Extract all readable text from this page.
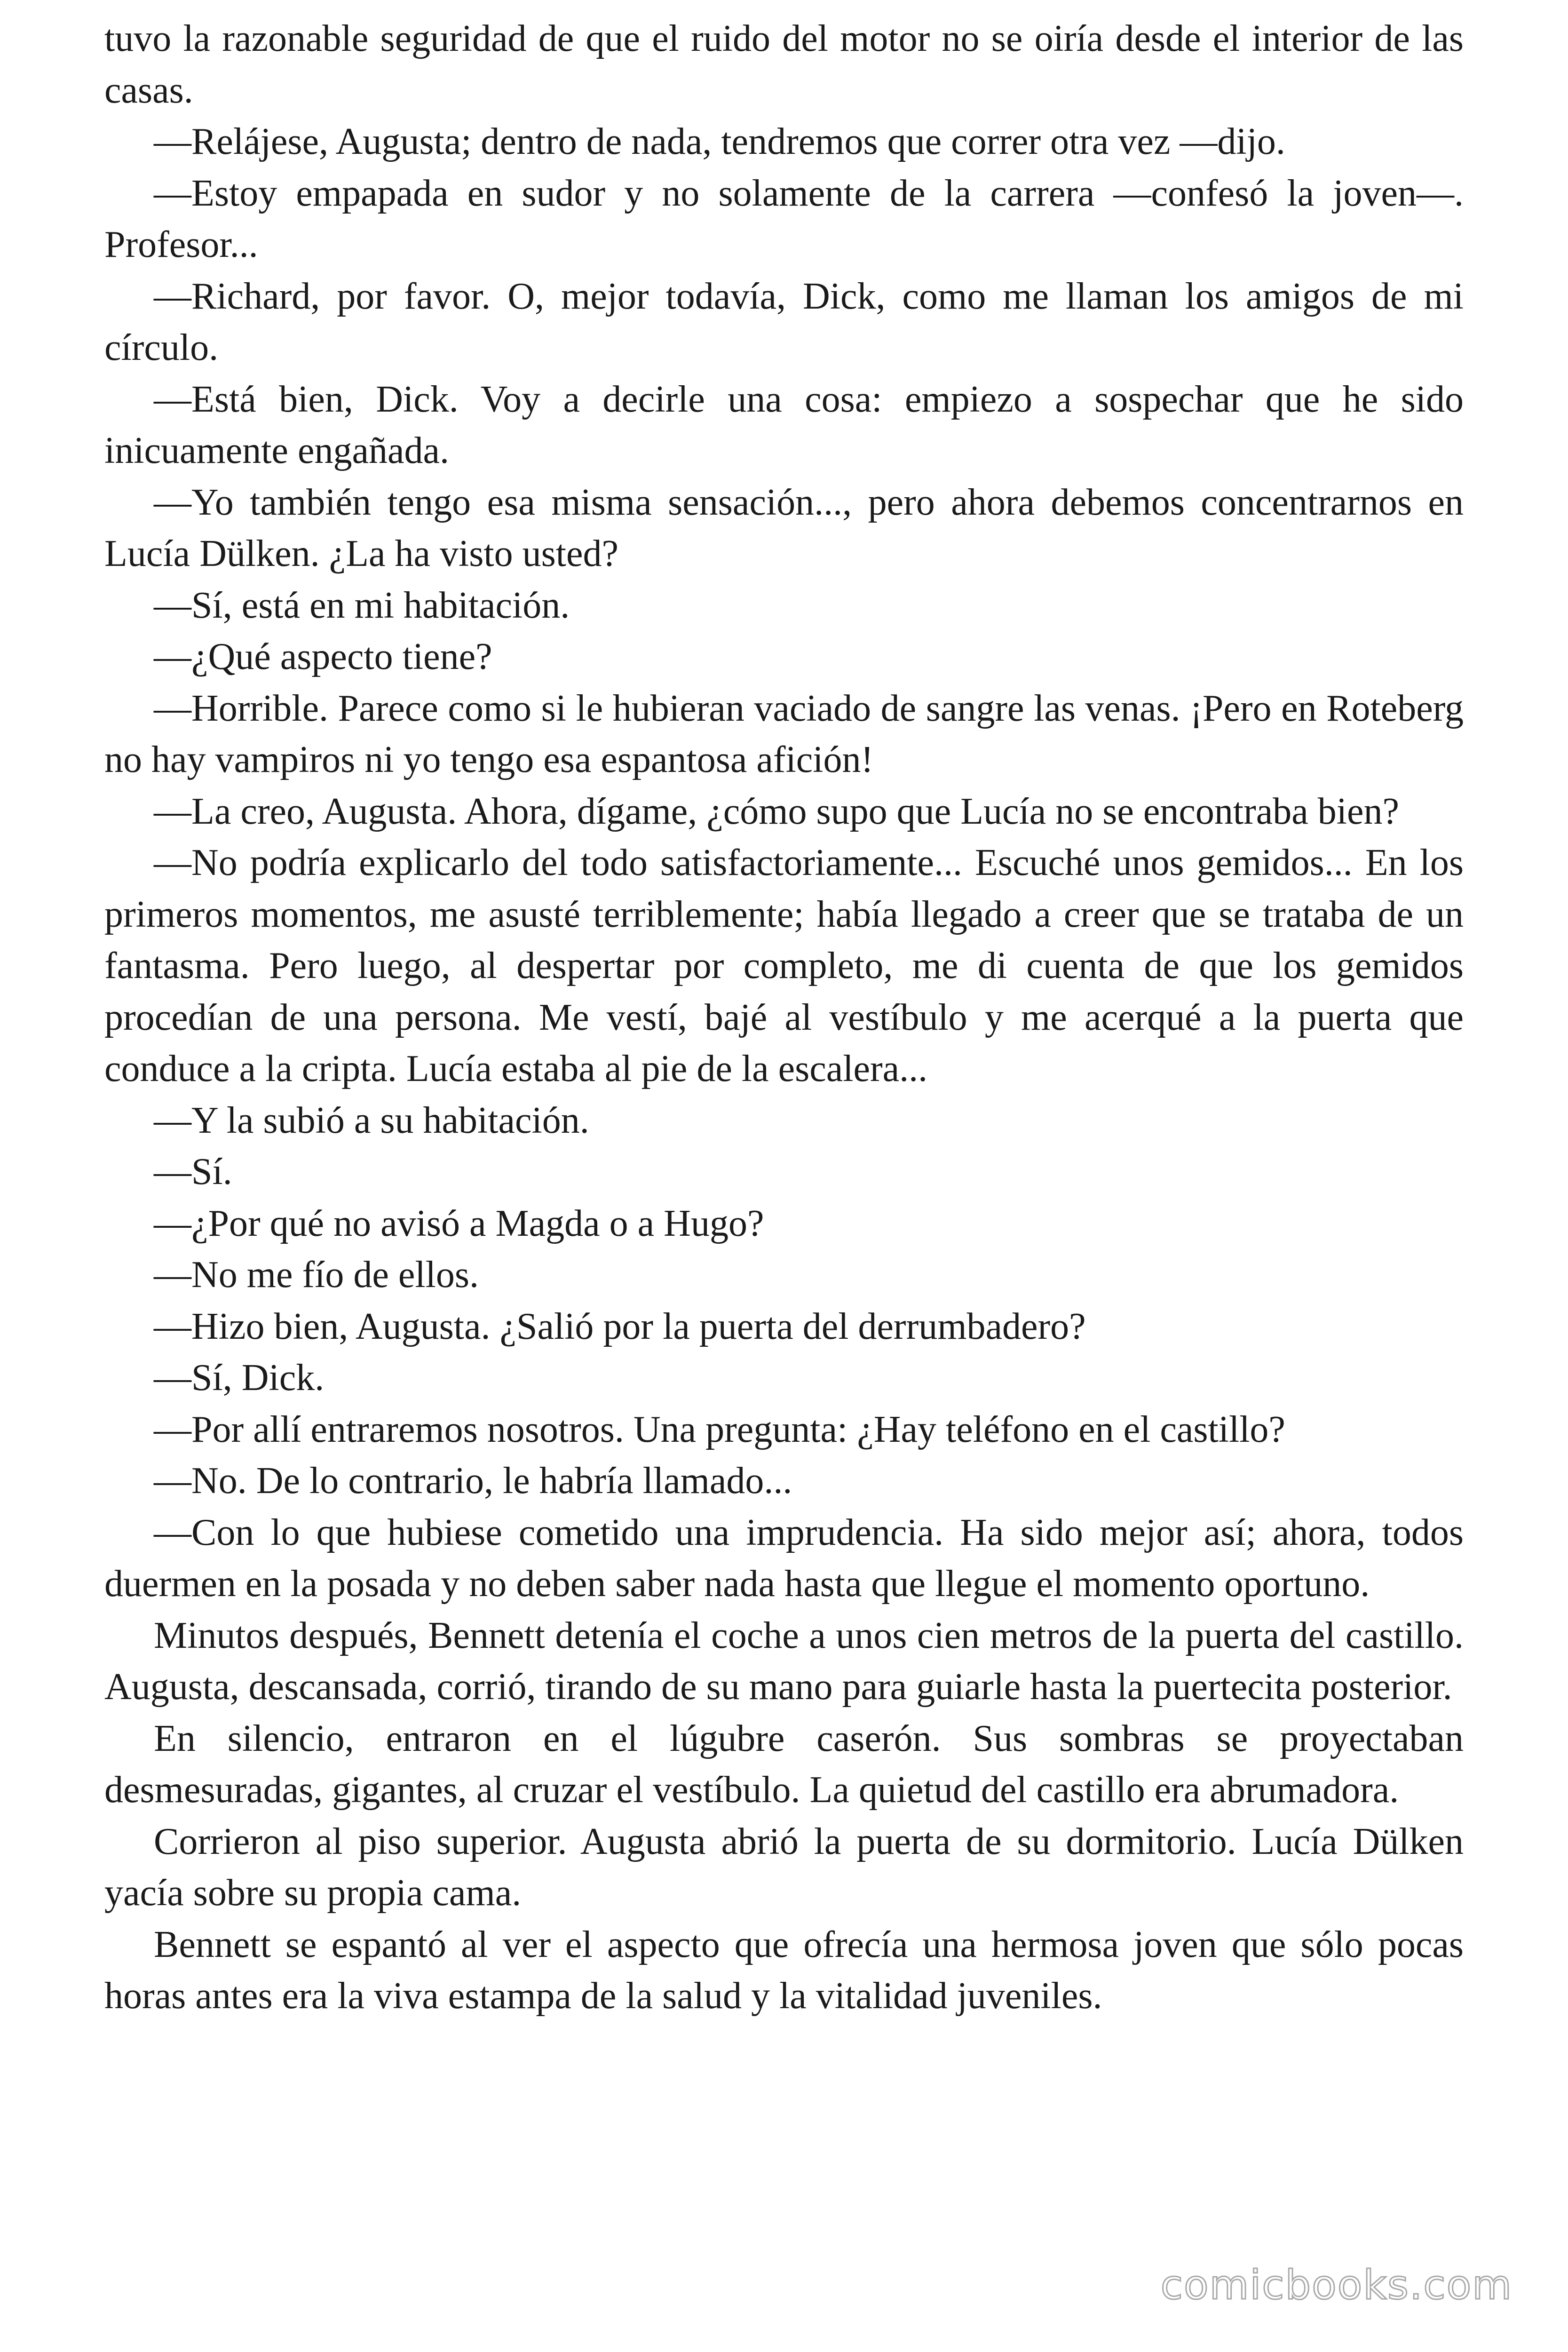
tuvo la razonable seguridad de que el ruido del motor no se oiría desde el interior de las casas.

—Relájese, Augusta; dentro de nada, tendremos que correr otra vez —dijo.

—Estoy empapada en sudor y no solamente de la carrera —confesó la joven—. Profesor...

—Richard, por favor. O, mejor todavía, Dick, como me llaman los amigos de mi círculo.

—Está bien, Dick. Voy a decirle una cosa: empiezo a sospechar que he sido inicuamente engañada.

—Yo también tengo esa misma sensación..., pero ahora debemos concentrarnos en Lucía Dülken. ¿La ha visto usted?

—Sí, está en mi habitación.

—¿Qué aspecto tiene?

—Horrible. Parece como si le hubieran vaciado de sangre las venas. ¡Pero en Roteberg no hay vampiros ni yo tengo esa espantosa afición!

—La creo, Augusta. Ahora, dígame, ¿cómo supo que Lucía no se encontraba bien?

—No podría explicarlo del todo satisfactoriamente... Escuché unos gemidos... En los primeros momentos, me asusté terriblemente; había llegado a creer que se trataba de un fantasma. Pero luego, al despertar por completo, me di cuenta de que los gemidos procedían de una persona. Me vestí, bajé al vestíbulo y me acerqué a la puerta que conduce a la cripta. Lucía estaba al pie de la escalera...

—Y la subió a su habitación.

—Sí.

—¿Por qué no avisó a Magda o a Hugo?

—No me fío de ellos.

—Hizo bien, Augusta. ¿Salió por la puerta del derrumbadero?

—Sí, Dick.

—Por allí entraremos nosotros. Una pregunta: ¿Hay teléfono en el castillo?

—No. De lo contrario, le habría llamado...

—Con lo que hubiese cometido una imprudencia. Ha sido mejor así; ahora, todos duermen en la posada y no deben saber nada hasta que llegue el momento oportuno.

Minutos después, Bennett detenía el coche a unos cien metros de la puerta del castillo. Augusta, descansada, corrió, tirando de su mano para guiarle hasta la puertecita posterior.

En silencio, entraron en el lúgubre caserón. Sus sombras se proyectaban desmesuradas, gigantes, al cruzar el vestíbulo. La quietud del castillo era abrumadora.

Corrieron al piso superior. Augusta abrió la puerta de su dormitorio. Lucía Dülken yacía sobre su propia cama.

Bennett se espantó al ver el aspecto que ofrecía una hermosa joven que sólo pocas horas antes era la viva estampa de la salud y la vitalidad juveniles.

comicbooks.com
